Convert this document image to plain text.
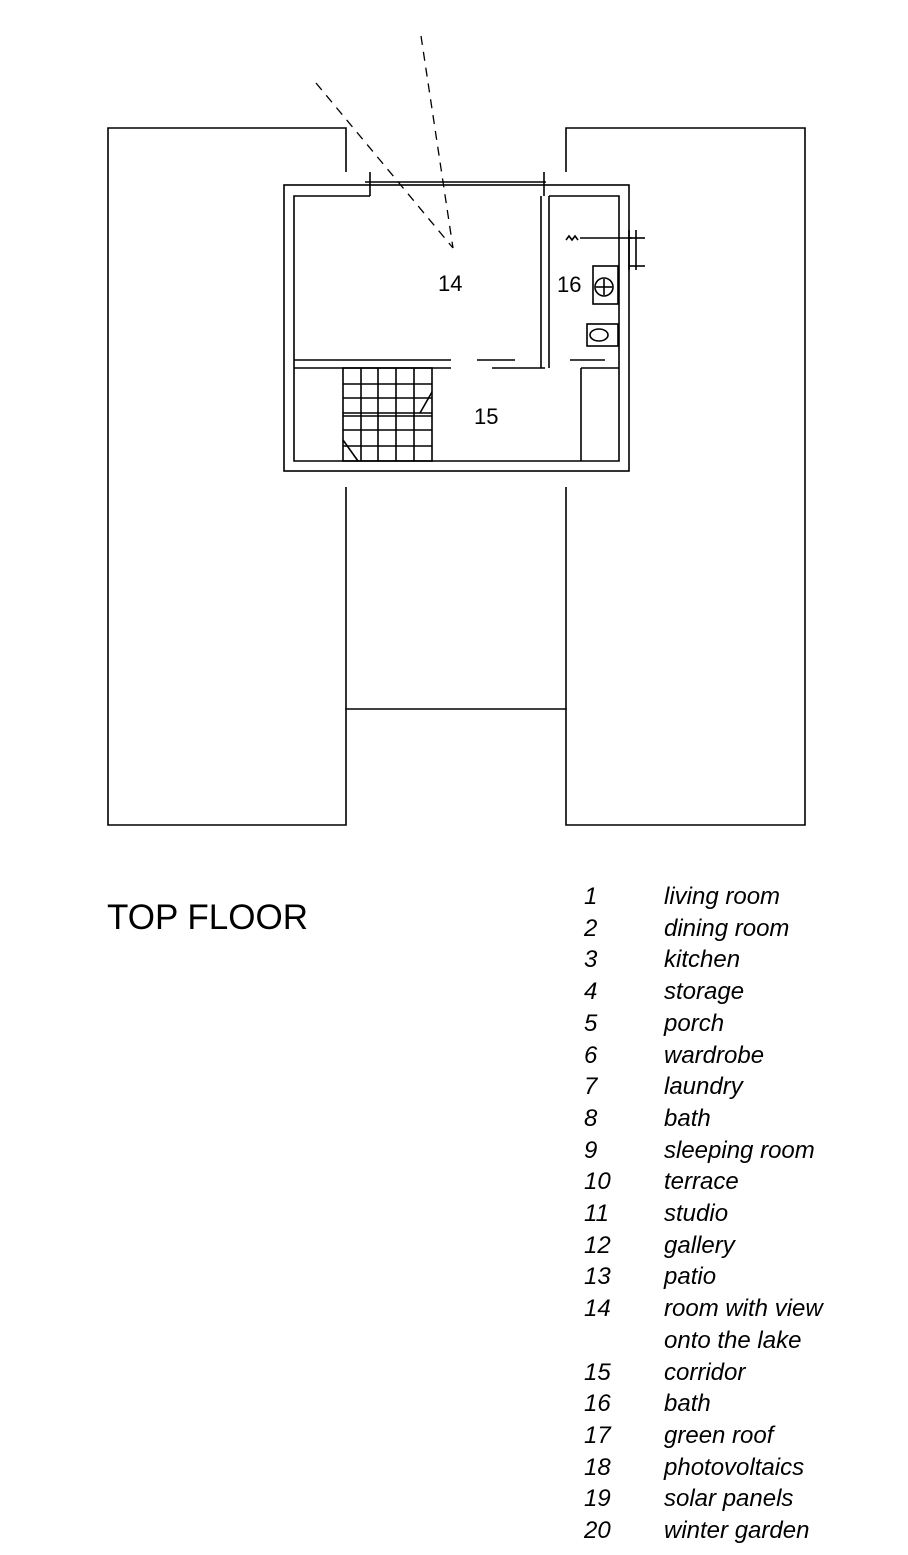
14
15
16
TOP FLOOR
1	living room
2	dining room
3	kitchen
4	storage
5	porch
6	wardrobe
7	laundry
8	bath
9	sleeping room
10	terrace
11	studio
12	gallery
13	patio
14	room with view
onto the lake
15	corridor
16	bath
17	green roof
18	photovoltaics
19	solar panels
20	winter garden
